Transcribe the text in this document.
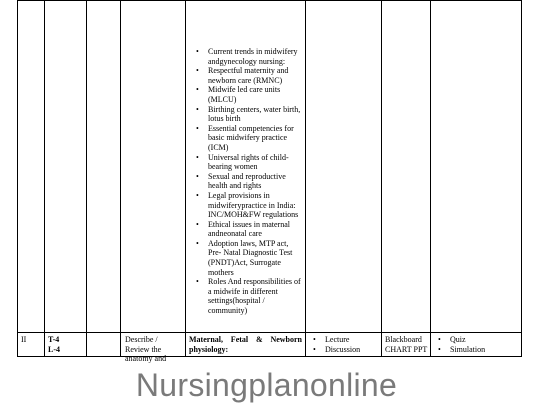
• Current trends in midwifery andgynecology nursing:
• Respectful maternity and newborn care (RMNC)
• Midwife led care units (MLCU)
• Birthing centers, water birth, lotus birth
• Essential competencies for basic midwifery practice (ICM)
• Universal rights of child-bearing women
• Sexual and reproductive health and rights
• Legal provisions in midwiferypractice in India: INC/MOH&FW regulations
• Ethical issues in maternal andneonatal care
• Adoption laws, MTP act, Pre- Natal Diagnostic Test (PNDT)Act, Surrogate mothers
• Roles And responsibilities of a midwife in different settings(hospital / community)
II	T-4
L-4
Describe / Review the anatomy and
Maternal, Fetal & Newborn physiology:
• Lecture
• Discussion
Blackboard CHART PPT
• Quiz
• Simulation
Nursingplanonline
